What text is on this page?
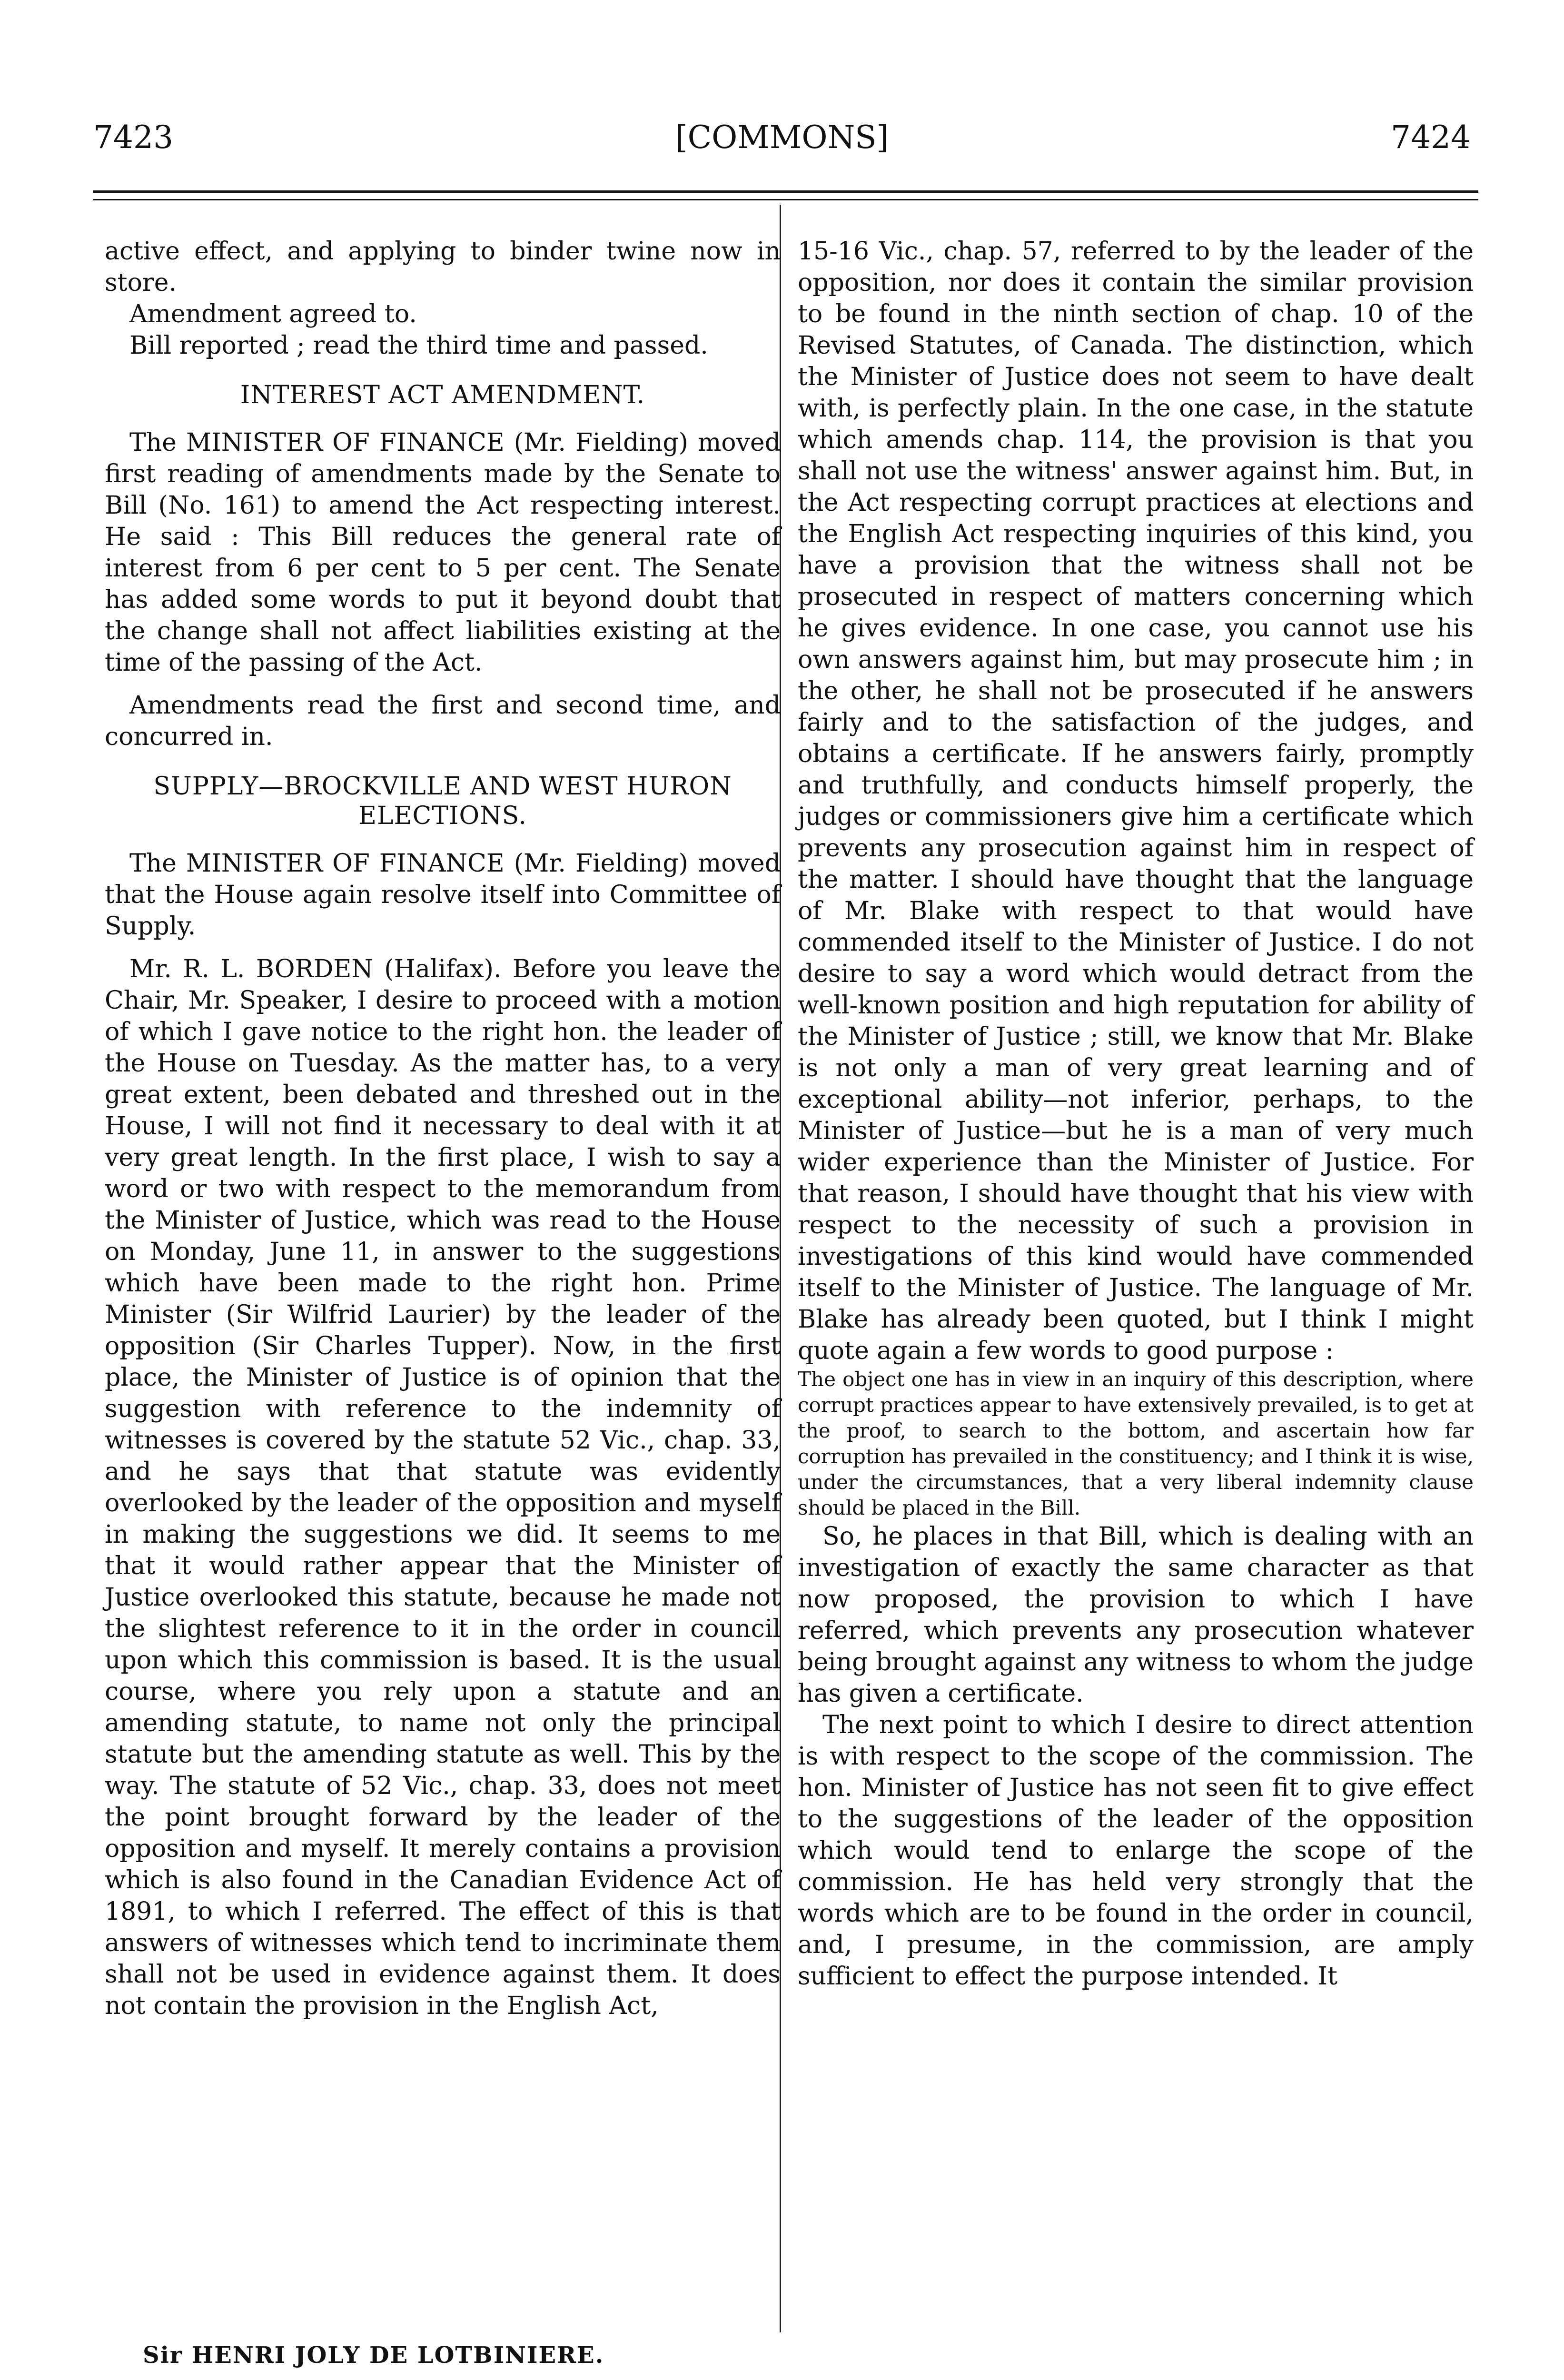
7423	[COMMONS]	7424

active effect, and applying to binder twine now in store.

Amendment agreed to.

Bill reported ; read the third time and passed.

INTEREST ACT AMENDMENT.

The MINISTER OF FINANCE (Mr. Fielding) moved first reading of amendments made by the Senate to Bill (No. 161) to amend the Act respecting interest. He said : This Bill reduces the general rate of interest from 6 per cent to 5 per cent. The Senate has added some words to put it beyond doubt that the change shall not affect liabilities existing at the time of the passing of the Act.

Amendments read the first and second time, and concurred in.

SUPPLY—BROCKVILLE AND WEST HURON ELECTIONS.

The MINISTER OF FINANCE (Mr. Fielding) moved that the House again resolve itself into Committee of Supply.

Mr. R. L. BORDEN (Halifax). Before you leave the Chair, Mr. Speaker, I desire to proceed with a motion of which I gave notice to the right hon. the leader of the House on Tuesday. As the matter has, to a very great extent, been debated and threshed out in the House, I will not find it necessary to deal with it at very great length. In the first place, I wish to say a word or two with respect to the memorandum from the Minister of Justice, which was read to the House on Monday, June 11, in answer to the suggestions which have been made to the right hon. Prime Minister (Sir Wilfrid Laurier) by the leader of the opposition (Sir Charles Tupper). Now, in the first place, the Minister of Justice is of opinion that the suggestion with reference to the indemnity of witnesses is covered by the statute 52 Vic., chap. 33, and he says that that statute was evidently overlooked by the leader of the opposition and myself in making the suggestions we did. It seems to me that it would rather appear that the Minister of Justice overlooked this statute, because he made not the slightest reference to it in the order in council upon which this commission is based. It is the usual course, where you rely upon a statute and an amending statute, to name not only the principal statute but the amending statute as well. This by the way. The statute of 52 Vic., chap. 33, does not meet the point brought forward by the leader of the opposition and myself. It merely contains a provision which is also found in the Canadian Evidence Act of 1891, to which I referred. The effect of this is that answers of witnesses which tend to incriminate them shall not be used in evidence against them. It does not contain the provision in the English Act,

15-16 Vic., chap. 57, referred to by the leader of the opposition, nor does it contain the similar provision to be found in the ninth section of chap. 10 of the Revised Statutes, of Canada. The distinction, which the Minister of Justice does not seem to have dealt with, is perfectly plain. In the one case, in the statute which amends chap. 114, the provision is that you shall not use the witness' answer against him. But, in the Act respecting corrupt practices at elections and the English Act respecting inquiries of this kind, you have a provision that the witness shall not be prosecuted in respect of matters concerning which he gives evidence. In one case, you cannot use his own answers against him, but may prosecute him ; in the other, he shall not be prosecuted if he answers fairly and to the satisfaction of the judges, and obtains a certificate. If he answers fairly, promptly and truthfully, and conducts himself properly, the judges or commissioners give him a certificate which prevents any prosecution against him in respect of the matter. I should have thought that the language of Mr. Blake with respect to that would have commended itself to the Minister of Justice. I do not desire to say a word which would detract from the well-known position and high reputation for ability of the Minister of Justice ; still, we know that Mr. Blake is not only a man of very great learning and of exceptional ability—not inferior, perhaps, to the Minister of Justice—but he is a man of very much wider experience than the Minister of Justice. For that reason, I should have thought that his view with respect to the necessity of such a provision in investigations of this kind would have commended itself to the Minister of Justice. The language of Mr. Blake has already been quoted, but I think I might quote again a few words to good purpose :

The object one has in view in an inquiry of this description, where corrupt practices appear to have extensively prevailed, is to get at the proof, to search to the bottom, and ascertain how far corruption has prevailed in the constituency; and I think it is wise, under the circumstances, that a very liberal indemnity clause should be placed in the Bill.

So, he places in that Bill, which is dealing with an investigation of exactly the same character as that now proposed, the provision to which I have referred, which prevents any prosecution whatever being brought against any witness to whom the judge has given a certificate.

The next point to which I desire to direct attention is with respect to the scope of the commission. The hon. Minister of Justice has not seen fit to give effect to the suggestions of the leader of the opposition which would tend to enlarge the scope of the commission. He has held very strongly that the words which are to be found in the order in council, and, I presume, in the commission, are amply sufficient to effect the purpose intended. It

Sir HENRI JOLY DE LOTBINIERE.
